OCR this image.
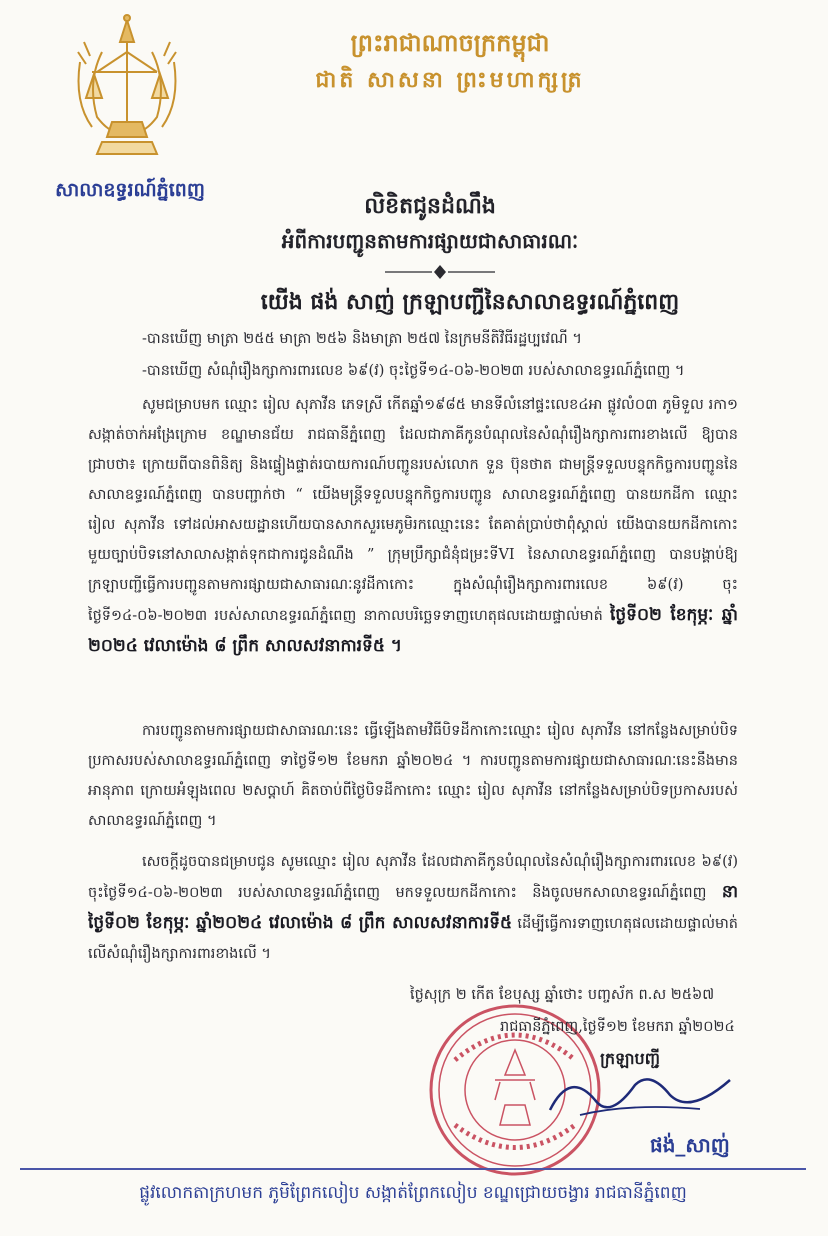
សាលាឧទ្ធរណ៍ភ្នំពេញ
ព្រះរាជាណាចក្រកម្ពុជា
ជាតិ សាសនា ព្រះមហាក្សត្រ
លិខិតជូនដំណឹង
អំពីការបញ្ជូនតាមការផ្សាយជាសាធារណៈ
យើង ផង់ សាញ់ ក្រឡាបញ្ជីនៃសាលាឧទ្ធរណ៍ភ្នំពេញ
-បានឃើញ មាត្រា ២៥៥ មាត្រា ២៥៦ និងមាត្រា ២៥៧ នៃក្រមនីតិវិធីរដ្ឋប្បវេណី ។
-បានឃើញ សំណុំរឿងក្សាការពារលេខ ៦៩(វ) ចុះថ្ងៃទី១៤-០៦-២០២៣ របស់សាលាឧទ្ធរណ៍ភ្នំពេញ ។
សូមជម្រាបមក ឈ្មោះ រៀល សុភាវីន ភេទស្រី កើតឆ្នាំ១៩៨៥ មានទីលំនៅផ្ទះលេខ៤អា ផ្លូវលំ០៣ ភូមិទួល រកា១ សង្កាត់ចាក់អង្រែក្រោម ខណ្ឌមានជ័យ រាជធានីភ្នំពេញ ដែលជាភាគីកូនបំណុលនៃសំណុំរឿងក្សាការពារខាងលើ ឱ្យបានជ្រាបថា៖ ក្រោយពីបានពិនិត្យ និងផ្ទៀងផ្ទាត់របាយការណ៍បញ្ជូនរបស់លោក ទួន ប៊ុនថាត ជាមន្ត្រីទទួលបន្ទុកកិច្ចការបញ្ជូននៃសាលាឧទ្ធរណ៍ភ្នំពេញ បានបញ្ជាក់ថា “ យើងមន្ត្រីទទួលបន្ទុកកិច្ចការបញ្ជូន សាលាឧទ្ធរណ៍ភ្នំពេញ បានយកដីកា ឈ្មោះ រៀល សុភាវីន ទៅដល់អាសយដ្ឋានហើយបានសាកសួរមេភូមិរកឈ្មោះនេះ តែគាត់ប្រាប់ថាពុំស្គាល់ យើងបានយកដីកាកោះមួយច្បាប់បិទនៅសាលាសង្កាត់ទុកជាការជូនដំណឹង ” ក្រុមប្រឹក្សាជំនុំជម្រះទីVI នៃសាលាឧទ្ធរណ៍ភ្នំពេញ បានបង្គាប់ឱ្យក្រឡាបញ្ជីធ្វើការបញ្ជូនតាមការផ្សាយជាសាធារណៈនូវដីកាកោះ ក្នុងសំណុំរឿងក្សាការពារលេខ ៦៩(វ) ចុះថ្ងៃទី១៤-០៦-២០២៣ របស់សាលាឧទ្ធរណ៍ភ្នំពេញ នាកាលបរិច្ឆេទទាញហេតុផលដោយផ្ទាល់មាត់ ថ្ងៃទី០២ ខែកុម្ភៈ ឆ្នាំ ២០២៤ វេលាម៉ោង ៨ ព្រឹក សាលសវនាការទី៥ ។
ការបញ្ជូនតាមការផ្សាយជាសាធារណៈនេះ ធ្វើឡើងតាមវិធីបិទដីកាកោះឈ្មោះ រៀល សុភាវីន នៅកន្លែងសម្រាប់បិទប្រកាសរបស់សាលាឧទ្ធរណ៍ភ្នំពេញ ទាថ្ងៃទី១២ ខែមករា ឆ្នាំ២០២៤ ។ ការបញ្ជូនតាមការផ្សាយជាសាធារណៈនេះនឹងមានអានុភាព ក្រោយអំឡុងពេល ២សប្តាហ៍ គិតចាប់ពីថ្ងៃបិទដីកាកោះ ឈ្មោះ រៀល សុភាវីន នៅកន្លែងសម្រាប់បិទប្រកាសរបស់សាលាឧទ្ធរណ៍ភ្នំពេញ ។
សេចក្តីដូចបានជម្រាបជូន សូមឈ្មោះ រៀល សុភាវីន ដែលជាភាគីកូនបំណុលនៃសំណុំរឿងក្សាការពារលេខ ៦៩(វ) ចុះថ្ងៃទី១៤-០៦-២០២៣ របស់សាលាឧទ្ធរណ៍ភ្នំពេញ មកទទួលយកដីកាកោះ និងចូលមកសាលាឧទ្ធរណ៍ភ្នំពេញ នាថ្ងៃទី០២ ខែកុម្ភៈ ឆ្នាំ២០២៤ វេលាម៉ោង ៨ ព្រឹក សាលសវនាការទី៥ ដើម្បីធ្វើការទាញហេតុផលដោយផ្ទាល់មាត់ លើសំណុំរឿងក្សាការពារខាងលើ ។
ថ្ងៃសុក្រ ២ កើត ខែបុស្ស ឆ្នាំថោះ បញ្ចស័ក ព.ស ២៥៦៧
រាជធានីភ្នំពេញ,ថ្ងៃទី១២ ខែមករា ឆ្នាំ២០២៤
ក្រឡាបញ្ជី
ផង់_សាញ់
ផ្លូវលោកតាក្រហមក ភូមិព្រែកលៀប សង្កាត់ព្រែកលៀប ខណ្ឌជ្រោយចង្វារ រាជធានីភ្នំពេញ
